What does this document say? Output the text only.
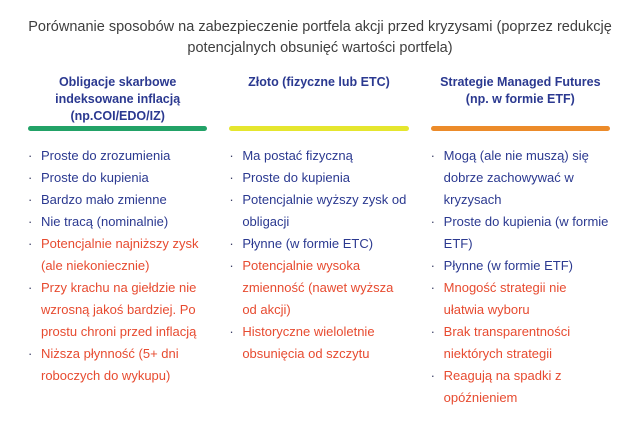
Porównanie sposobów na zabezpieczenie portfela akcji przed kryzysami (poprzez redukcję potencjalnych obsunięć wartości portfela)
Obligacje skarbowe indeksowane inflacją (np.COI/EDO/IZ)
· Proste do zrozumienia
· Proste do kupienia
· Bardzo mało zmienne
· Nie tracą (nominalnie)
· Potencjalnie najniższy zysk (ale niekoniecznie)
· Przy krachu na giełdzie nie wzrosną jakoś bardziej. Po prostu chroni przed inflacją
· Niższa płynność (5+ dni roboczych do wykupu)
Złoto (fizyczne lub ETC)
· Ma postać fizyczną
· Proste do kupienia
· Potencjalnie wyższy zysk od obligacji
· Płynne (w formie ETC)
· Potencjalnie wysoka zmienność (nawet wyższa od akcji)
· Historyczne wieloletnie obsunięcia od szczytu
Strategie Managed Futures (np. w formie ETF)
· Mogą (ale nie muszą) się dobrze zachowywać w kryzysach
· Proste do kupienia (w formie ETF)
· Płynne (w formie ETF)
· Mnogość strategii nie ułatwia wyboru
· Brak transparentności niektórych strategii
· Reagują na spadki z opóźnieniem
